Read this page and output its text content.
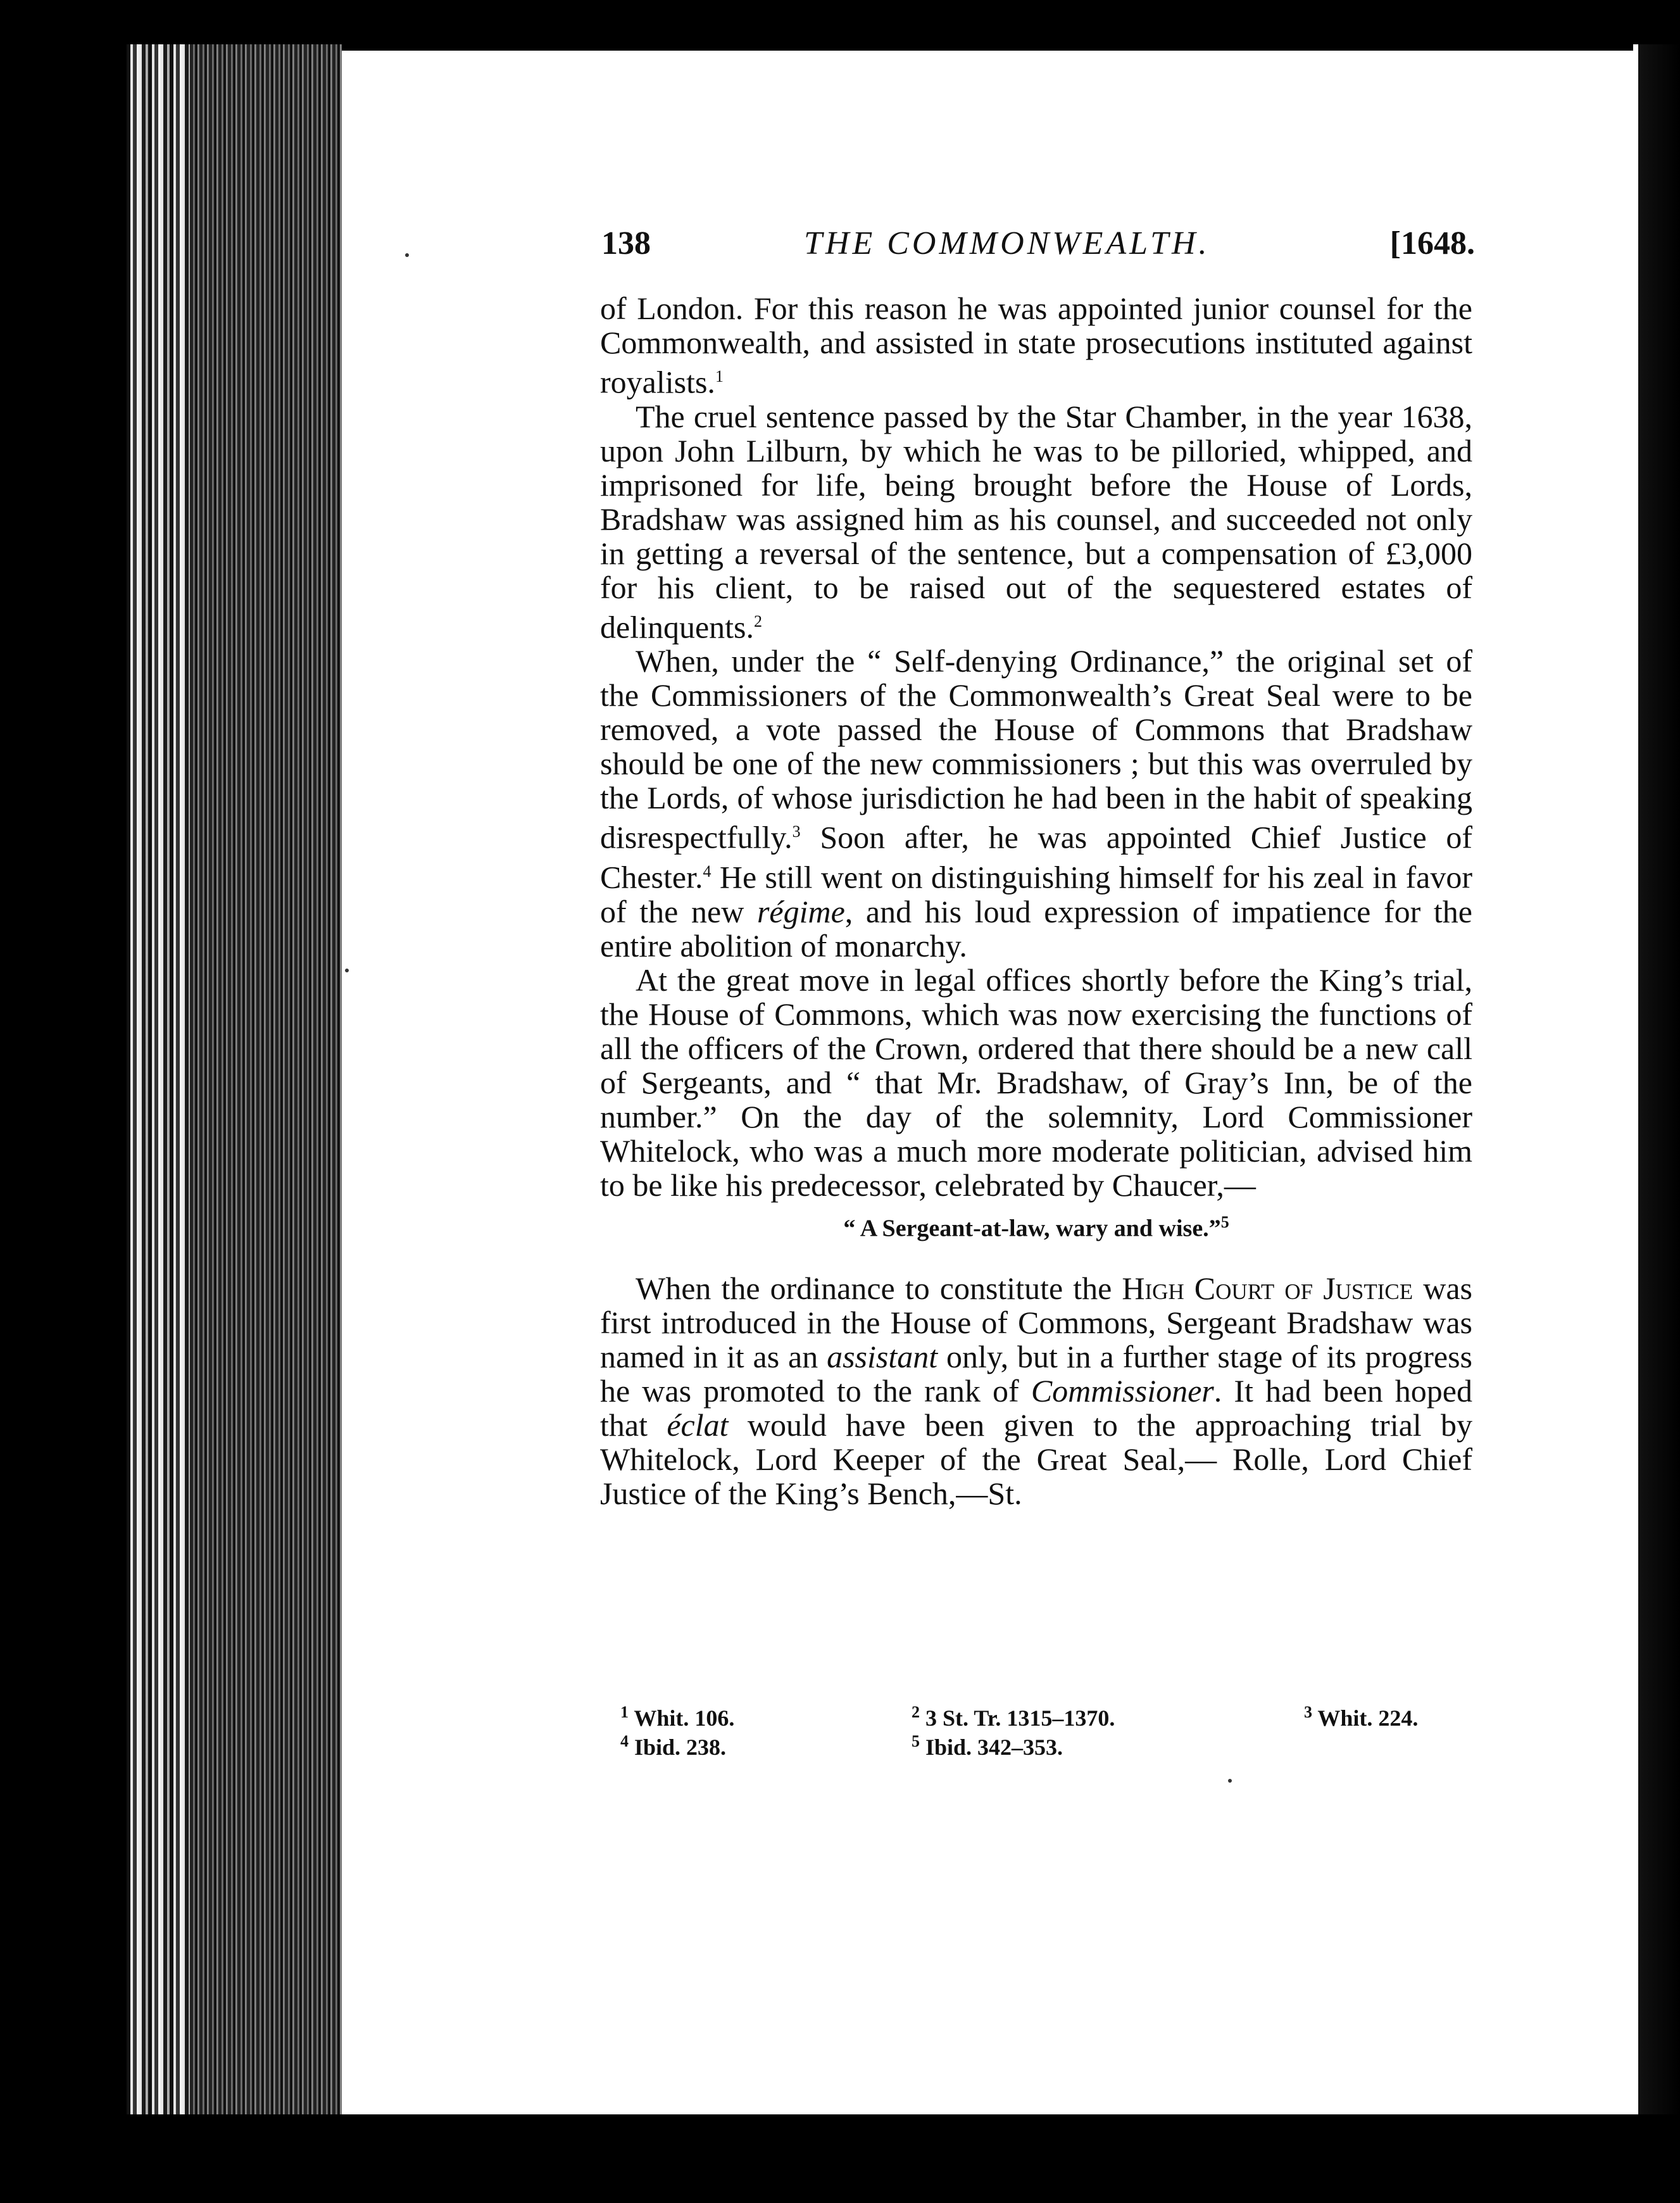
138	THE COMMONWEALTH.	[1648.

of London. For this reason he was appointed junior counsel for the Commonwealth, and assisted in state prosecutions instituted against royalists.$^1$

The cruel sentence passed by the Star Chamber, in the year 1638, upon John Lilburn, by which he was to be pilloried, whipped, and imprisoned for life, being brought before the House of Lords, Bradshaw was assigned him as his counsel, and succeeded not only in getting a reversal of the sentence, but a compensation of £3,000 for his client, to be raised out of the sequestered estates of delinquents.$^2$

When, under the “ Self-denying Ordinance,” the original set of the Commissioners of the Commonwealth’s Great Seal were to be removed, a vote passed the House of Commons that Bradshaw should be one of the new commissioners ; but this was overruled by the Lords, of whose jurisdiction he had been in the habit of speaking disrespectfully.$^3$ Soon after, he was appointed Chief Justice of Chester.$^4$ He still went on distinguishing himself for his zeal in favor of the new régime, and his loud expression of impatience for the entire abolition of monarchy.

At the great move in legal offices shortly before the King’s trial, the House of Commons, which was now exercising the functions of all the officers of the Crown, ordered that there should be a new call of Sergeants, and “ that Mr. Bradshaw, of Gray’s Inn, be of the number.” On the day of the solemnity, Lord Commissioner Whitelock, who was a much more moderate politician, advised him to be like his predecessor, celebrated by Chaucer,—

“ A Sergeant-at-law, wary and wise.”$^5$

When the ordinance to constitute the High Court of Justice was first introduced in the House of Commons, Sergeant Bradshaw was named in it as an assistant only, but in a further stage of its progress he was promoted to the rank of Commissioner. It had been hoped that éclat would have been given to the approaching trial by Whitelock, Lord Keeper of the Great Seal,— Rolle, Lord Chief Justice of the King’s Bench,—St.

$^1$ Whit. 106.	$^2$ 3 St. Tr. 1315–1370.	$^3$ Whit. 224.
$^4$ Ibid. 238.	$^5$ Ibid. 342–353.
